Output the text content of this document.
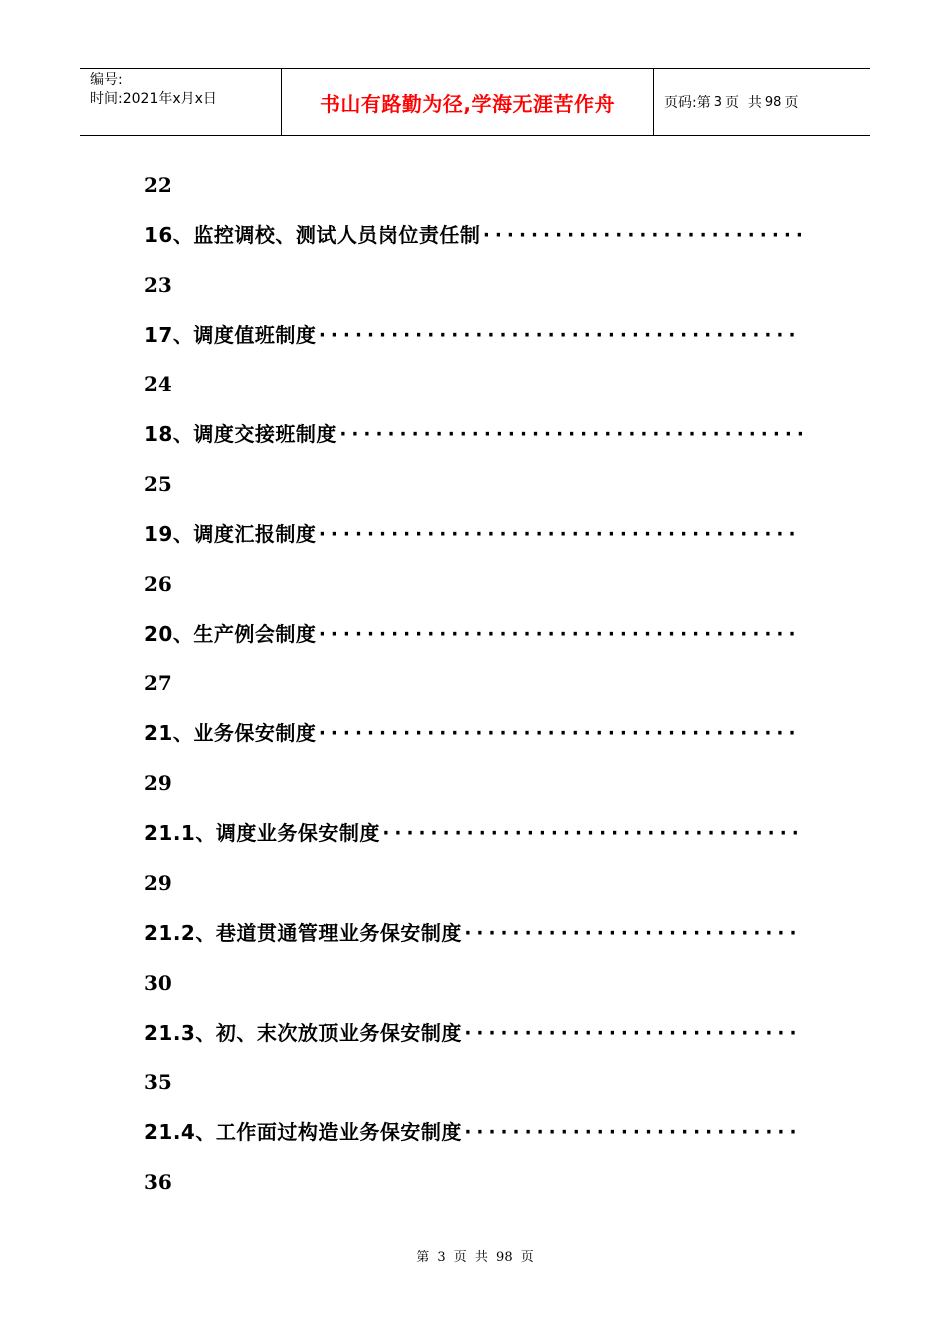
编号:
时间:2021年x月x日	书山有路勤为径,学海无涯苦作舟	页码:第 3 页  共 98 页
22
16、监控调校、测试人员岗位责任制···························
23
17、调度值班制度········································
24
18、调度交接班制度·······································
25
19、调度汇报制度········································
26
20、生产例会制度········································
27
21、业务保安制度········································
29
21.1、调度业务保安制度···································
29
21.2、巷道贯通管理业务保安制度····························
30
21.3、初、末次放顶业务保安制度····························
35
21.4、工作面过构造业务保安制度····························
36
第 3 页 共 98 页
